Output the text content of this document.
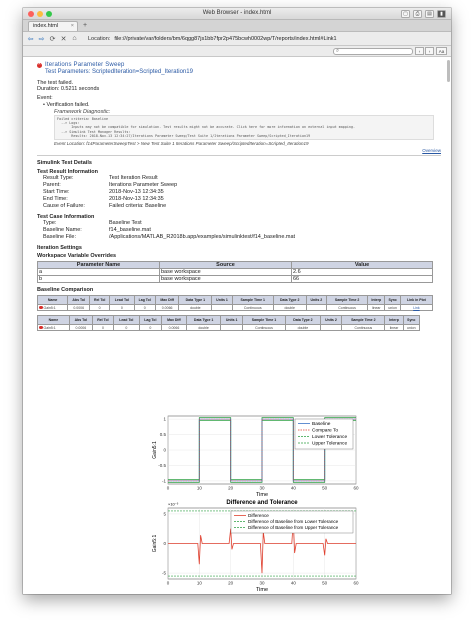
Web Browser - index.html	▢	⎙	▤	▮
index.html ×	+
⇦ ⇨ ⟳ ✕ ⌂ Location: file:///private/var/folders/bm/6qgg87js1bb7fpr2p475bcwh0002wp/T/reports/index.html#Link1
⌕	‹	›	Aa
×
Iterations Parameter Sweep
Test Parameters: ScriptedIteration=Scripted_Iteration19
The test failed.
Duration: 0.5211 seconds
Event:
• Verification failed.
Framework Diagnostic:
Failed criteria: Baseline
--> Logs:
Inputs may not be compatible for simulation. Test results might not be accurate. Click here for more information on external input mapping.
--> Simulink Test Manager Results:
Results: 2018-Nov-13 12:34:27/Iterations Parameter Sweep/Test Suite 1/Iterations Parameter Sweep/Scripted_Iteration19
Event Location: f14ParameterSweepTest > New Test Suite 1 Iterations Parameter Sweep/ScriptedIteration=Scripted_Iteration19
Overview
Simulink Test Details
Test Result Information
Result Type:	Test Iteration Result
Parent:	Iterations Parameter Sweep
Start Time:	2018-Nov-13 12:34:35
End Time:	2018-Nov-13 12:34:35
Cause of Failure:	Failed criteria: Baseline
Test Case Information
Type:	Baseline Test
Baseline Name:	f14_baseline.mat
Baseline File:	/Applications/MATLAB_R2018b.app/examples/simulinktest/f14_baseline.mat
Iteration Settings
Workspace Variable Overrides
Parameter Name	Source	Value
a	base workspace	2.6
b	base workspace	66
Baseline Comparison
Name	Abs Tol	Rel Tol	Lead Tol	Lag Tol	Max Diff	Data Type 1	Units 1	Sample Time 1	Data Type 2	Units 2	Sample Time 2	Interp	Sync	Link in Plot

Gain5:1	0.0006	0	0	0	0.0066	double		Continuous	double		Continuous	linear	union	Link
Name	Abs Tol	Rel Tol	Lead Tol	Lag Tol	Max Diff	Data Type 1	Units 1	Sample Time 1	Data Type 2	Units 2	Sample Time 2	Interp	Sync

Gain5:1	0.0006	0	0	0	0.0066	double		Continuous	double		Continuous	linear	union
0	10	20	30	40	50	60
-1
-0.5
0
0.5
1
Gain5:1
Time
Baseline
Compare To
Lower Tolerance
Upper Tolerance
Difference and Tolerance
×10⁻³
0	10	20	30	40	50	60
-5
0
5
Gain5:1
Time
Difference
Difference of Baseline from Lower Tolerance
Difference of Baseline from Upper Tolerance
